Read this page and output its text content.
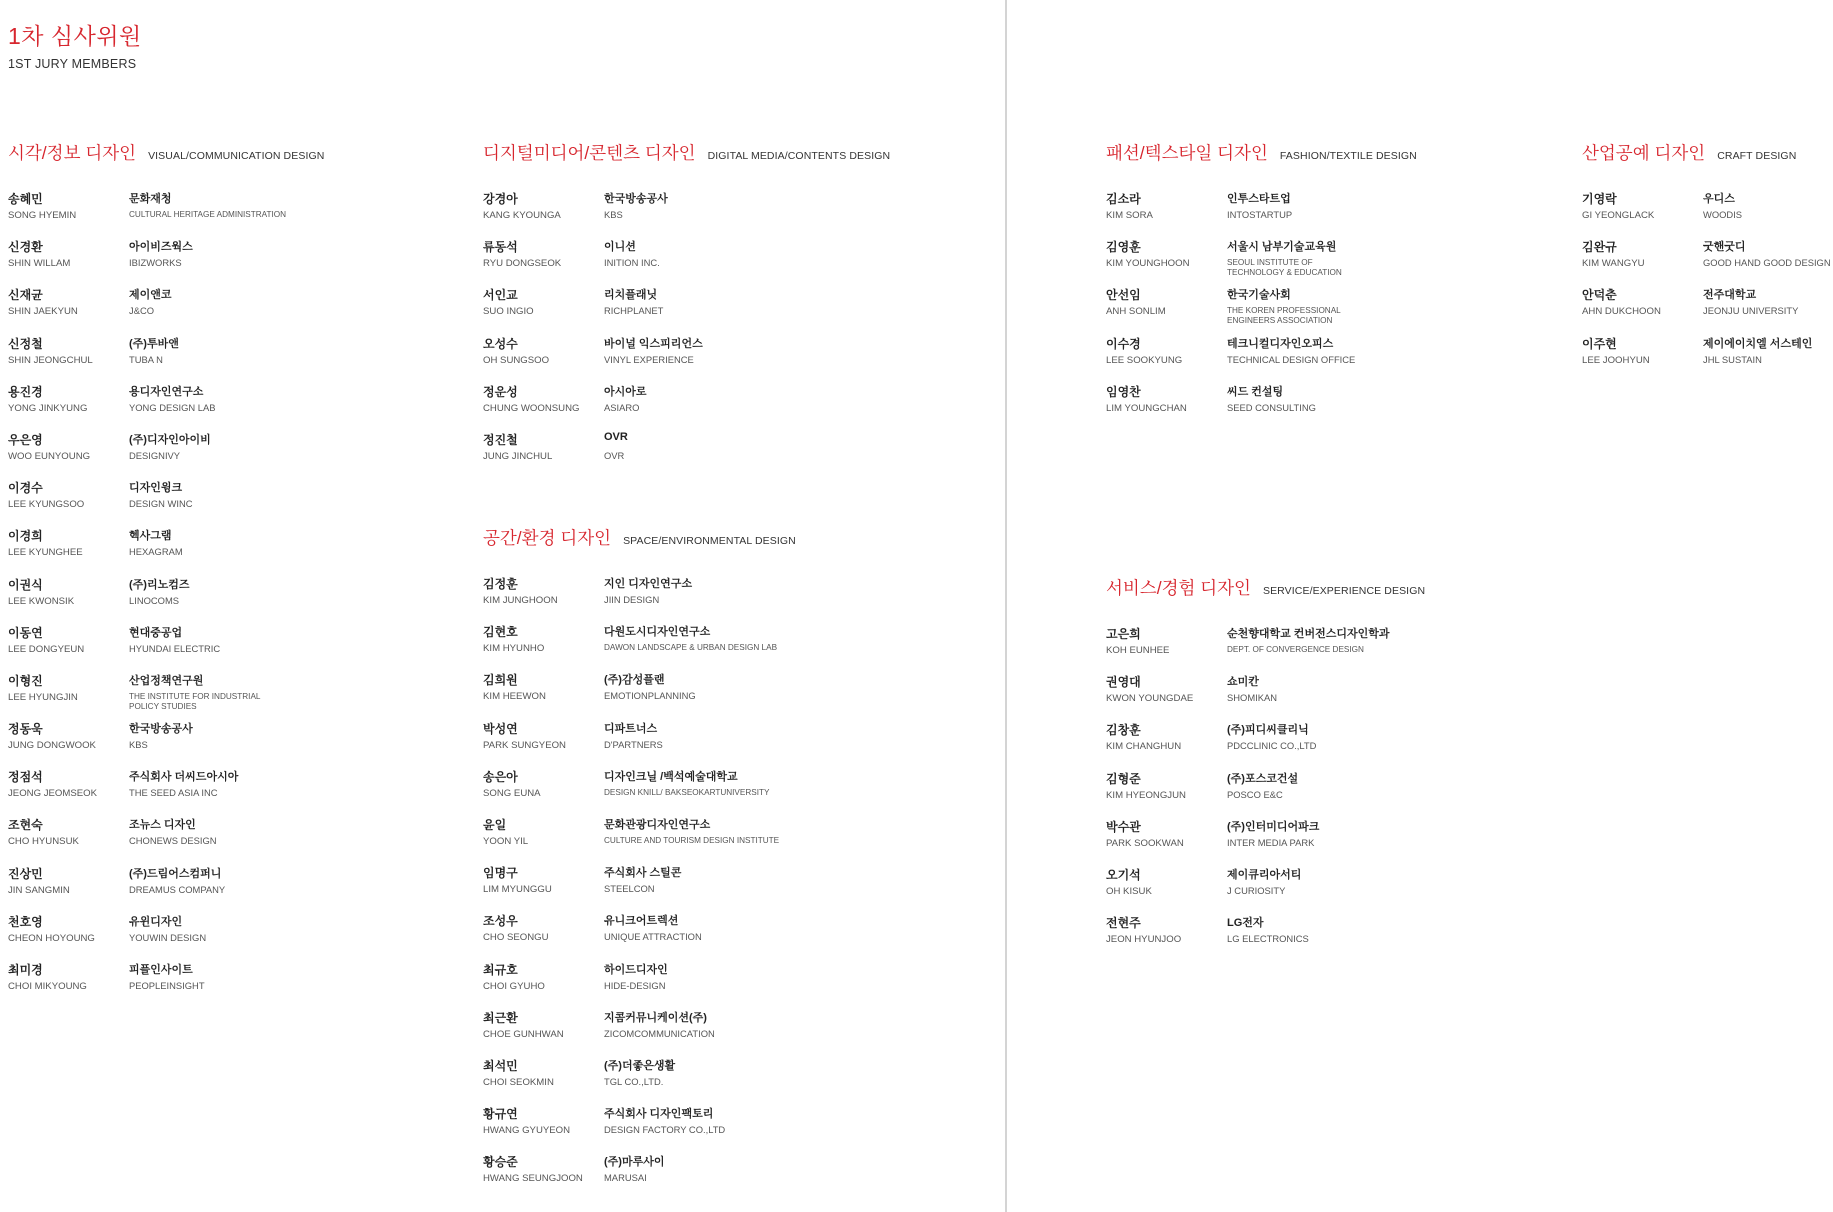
1차 심사위원
1ST JURY MEMBERS
시각/정보 디자인 VISUAL/COMMUNICATION DESIGN
송혜민
SONG HYEMIN
문화재청
CULTURAL HERITAGE ADMINISTRATION
신경환
SHIN WILLAM
아이비즈웍스
IBIZWORKS
신재균
SHIN JAEKYUN
제이앤코
J&CO
신정철
SHIN JEONGCHUL
(주)투바앤
TUBA N
용진경
YONG JINKYUNG
용디자인연구소
YONG DESIGN LAB
우은영
WOO EUNYOUNG
(주)디자인아이비
DESIGNIVY
이경수
LEE KYUNGSOO
디자인윙크
DESIGN WINC
이경희
LEE KYUNGHEE
헥사그램
HEXAGRAM
이권식
LEE KWONSIK
(주)리노컴즈
LINOCOMS
이동연
LEE DONGYEUN
현대중공업
HYUNDAI ELECTRIC
이형진
LEE HYUNGJIN
산업정책연구원
THE INSTITUTE FOR INDUSTRIAL
POLICY STUDIES
정동욱
JUNG DONGWOOK
한국방송공사
KBS
정점석
JEONG JEOMSEOK
주식회사 더씨드아시아
THE SEED ASIA INC
조현숙
CHO HYUNSUK
조뉴스 디자인
CHONEWS DESIGN
진상민
JIN SANGMIN
(주)드림어스컴퍼니
DREAMUS COMPANY
천호영
CHEON HOYOUNG
유윈디자인
YOUWIN DESIGN
최미경
CHOI MIKYOUNG
피플인사이트
PEOPLEINSIGHT
디지털미디어/콘텐츠 디자인 DIGITAL MEDIA/CONTENTS DESIGN
강경아
KANG KYOUNGA
한국방송공사
KBS
류동석
RYU DONGSEOK
이니션
INITION INC.
서인교
SUO INGIO
리치플래닛
RICHPLANET
오성수
OH SUNGSOO
바이널 익스피리언스
VINYL EXPERIENCE
정운성
CHUNG WOONSUNG
아시아로
ASIARO
정진철
JUNG JINCHUL
OVR
OVR
공간/환경 디자인 SPACE/ENVIRONMENTAL DESIGN
김정훈
KIM JUNGHOON
지인 디자인연구소
JIIN DESIGN
김현호
KIM HYUNHO
다원도시디자인연구소
DAWON LANDSCAPE & URBAN DESIGN LAB
김희원
KIM HEEWON
(주)감성플랜
EMOTIONPLANNING
박성연
PARK SUNGYEON
디파트너스
D'PARTNERS
송은아
SONG EUNA
디자인크닐 /백석예술대학교
DESIGN KNILL/ BAKSEOKARTUNIVERSITY
윤일
YOON YIL
문화관광디자인연구소
CULTURE AND TOURISM DESIGN INSTITUTE
임명구
LIM MYUNGGU
주식회사 스틸콘
STEELCON
조성우
CHO SEONGU
유니크어트렉션
UNIQUE ATTRACTION
최규호
CHOI GYUHO
하이드디자인
HIDE-DESIGN
최근환
CHOE GUNHWAN
지콤커뮤니케이션(주)
ZICOMCOMMUNICATION
최석민
CHOI SEOKMIN
(주)더좋은생활
TGL CO.,LTD.
황규연
HWANG GYUYEON
주식회사 디자인팩토리
DESIGN FACTORY CO.,LTD
황승준
HWANG SEUNGJOON
(주)마루사이
MARUSAI
패션/텍스타일 디자인 FASHION/TEXTILE DESIGN
김소라
KIM SORA
인투스타트업
INTOSTARTUP
김영훈
KIM YOUNGHOON
서울시 남부기술교육원
SEOUL INSTITUTE OF
TECHNOLOGY & EDUCATION
안선임
ANH SONLIM
한국기술사회
THE KOREN PROFESSIONAL
ENGINEERS ASSOCIATION
이수경
LEE SOOKYUNG
테크니컬디자인오피스
TECHNICAL DESIGN OFFICE
임영찬
LIM YOUNGCHAN
씨드 컨설팅
SEED CONSULTING
산업공예 디자인 CRAFT DESIGN
기영락
GI YEONGLACK
우디스
WOODIS
김완규
KIM WANGYU
굿핸굿디
GOOD HAND GOOD DESIGN
안덕춘
AHN DUKCHOON
전주대학교
JEONJU UNIVERSITY
이주현
LEE JOOHYUN
제이에이치엘 서스테인
JHL SUSTAIN
서비스/경험 디자인 SERVICE/EXPERIENCE DESIGN
고은희
KOH EUNHEE
순천향대학교 컨버전스디자인학과
DEPT. OF CONVERGENCE DESIGN
권영대
KWON YOUNGDAE
쇼미칸
SHOMIKAN
김창훈
KIM CHANGHUN
(주)피디씨클리닉
PDCCLINIC CO.,LTD
김형준
KIM HYEONGJUN
(주)포스코건설
POSCO E&C
박수관
PARK SOOKWAN
(주)인터미디어파크
INTER MEDIA PARK
오기석
OH KISUK
제이큐리아서티
J CURIOSITY
전현주
JEON HYUNJOO
LG전자
LG ELECTRONICS
